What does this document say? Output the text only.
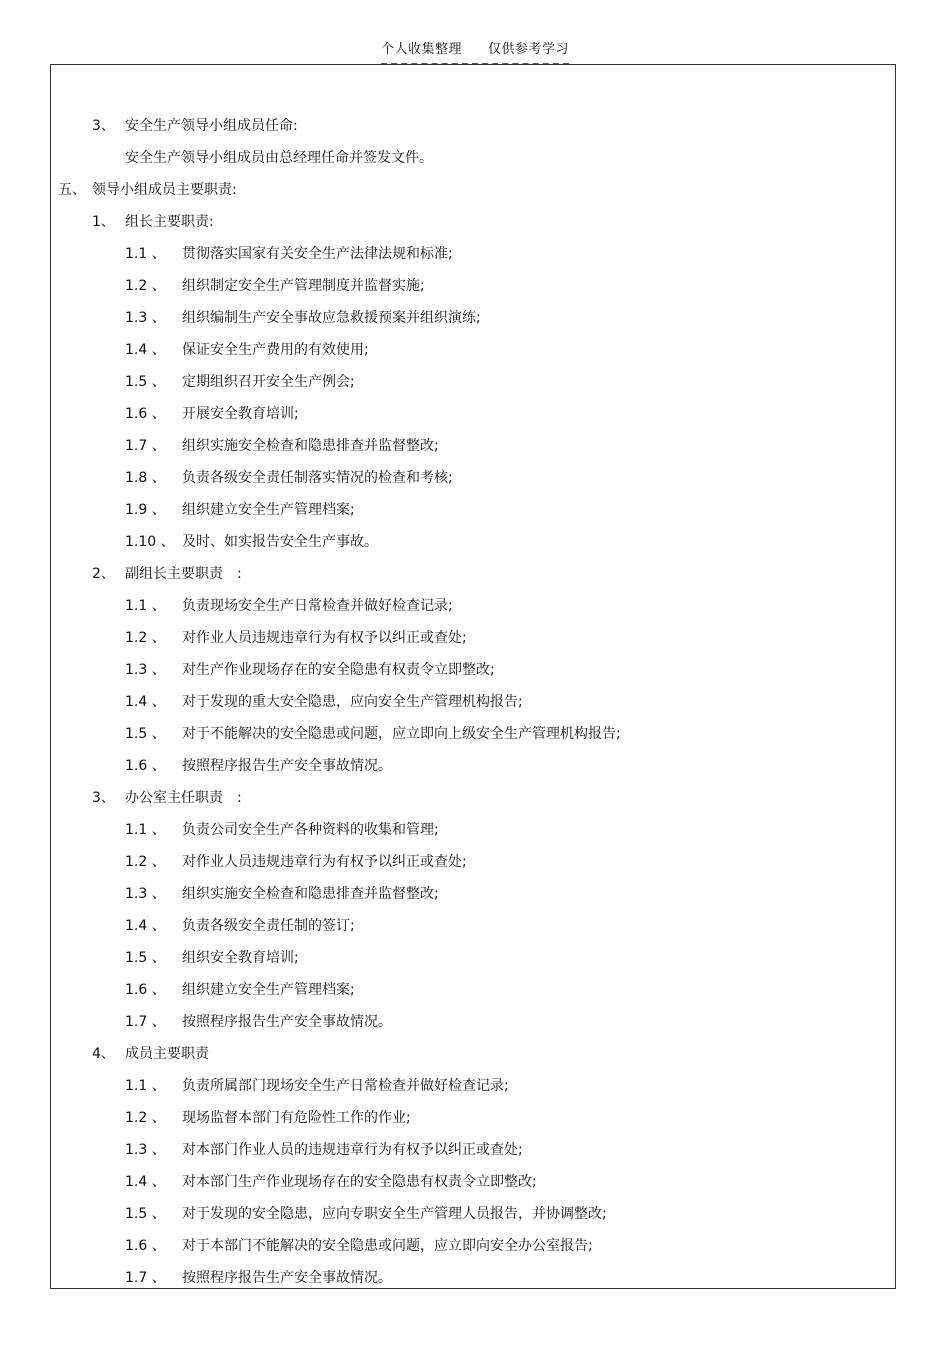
个人收集整理 仅供参考学习
3、 安全生产领导小组成员任命:
安全生产领导小组成员由总经理任命并签发文件。
五、 领导小组成员主要职责:
1、 组长主要职责:
1.1 、 贯彻落实国家有关安全生产法律法规和标准;
1.2 、 组织制定安全生产管理制度并监督实施;
1.3 、 组织编制生产安全事故应急救援预案并组织演练;
1.4 、 保证安全生产费用的有效使用;
1.5 、 定期组织召开安全生产例会;
1.6 、 开展安全教育培训;
1.7 、 组织实施安全检查和隐患排查并监督整改;
1.8 、 负责各级安全责任制落实情况的检查和考核;
1.9 、 组织建立安全生产管理档案;
1.10 、 及时、如实报告安全生产事故。
2、 副组长主要职责　:
1.1 、 负责现场安全生产日常检查并做好检查记录;
1.2 、 对作业人员违规违章行为有权予以纠正或查处;
1.3 、 对生产作业现场存在的安全隐患有权责令立即整改;
1.4 、 对于发现的重大安全隐患，应向安全生产管理机构报告;
1.5 、 对于不能解决的安全隐患或问题，应立即向上级安全生产管理机构报告;
1.6 、 按照程序报告生产安全事故情况。
3、 办公室主任职责　:
1.1 、 负责公司安全生产各种资料的收集和管理;
1.2 、 对作业人员违规违章行为有权予以纠正或查处;
1.3 、 组织实施安全检查和隐患排查并监督整改;
1.4 、 负责各级安全责任制的签订;
1.5 、 组织安全教育培训;
1.6 、 组织建立安全生产管理档案;
1.7 、 按照程序报告生产安全事故情况。
4、 成员主要职责
1.1 、 负责所属部门现场安全生产日常检查并做好检查记录;
1.2 、 现场监督本部门有危险性工作的作业;
1.3 、 对本部门作业人员的违规违章行为有权予以纠正或查处;
1.4 、 对本部门生产作业现场存在的安全隐患有权责令立即整改;
1.5 、 对于发现的安全隐患，应向专职安全生产管理人员报告，并协调整改;
1.6 、 对于本部门不能解决的安全隐患或问题，应立即向安全办公室报告;
1.7 、 按照程序报告生产安全事故情况。
